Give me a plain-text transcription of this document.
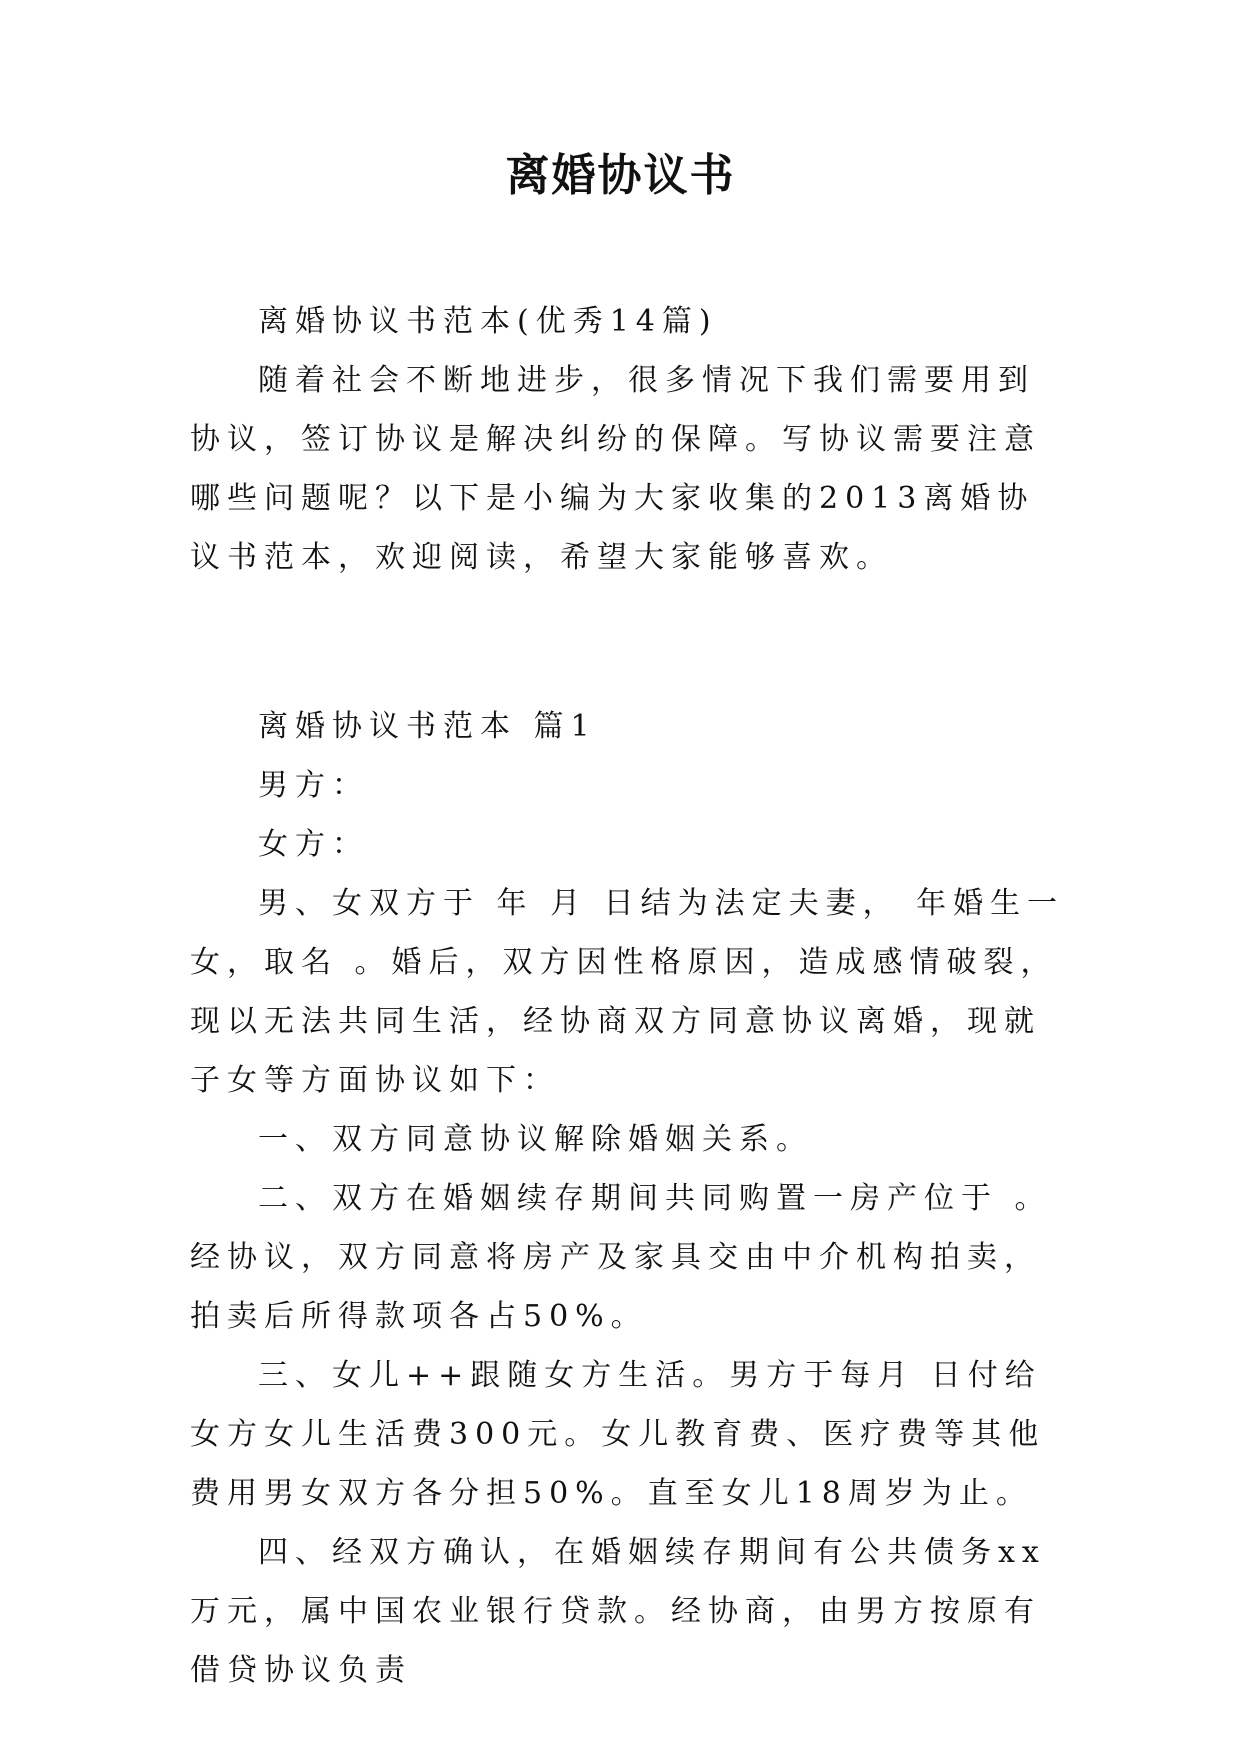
离婚协议书

离婚协议书范本(优秀14篇)

随着社会不断地进步，很多情况下我们需要用到协议，签订协议是解决纠纷的保障。写协议需要注意哪些问题呢？以下是小编为大家收集的2013离婚协议书范本，欢迎阅读，希望大家能够喜欢。

离婚协议书范本 篇1

男方：

女方：

男、女双方于 年 月 日结为法定夫妻， 年婚生一女，取名 。婚后，双方因性格原因，造成感情破裂，现以无法共同生活，经协商双方同意协议离婚，现就子女等方面协议如下：

一、双方同意协议解除婚姻关系。

二、双方在婚姻续存期间共同购置一房产位于 。经协议，双方同意将房产及家具交由中介机构拍卖，拍卖后所得款项各占50%。

三、女儿++跟随女方生活。男方于每月 日付给女方女儿生活费300元。女儿教育费、医疗费等其他费用男女双方各分担50%。直至女儿18周岁为止。

四、经双方确认，在婚姻续存期间有公共债务xx万元，属中国农业银行贷款。经协商，由男方按原有借贷协议负责
